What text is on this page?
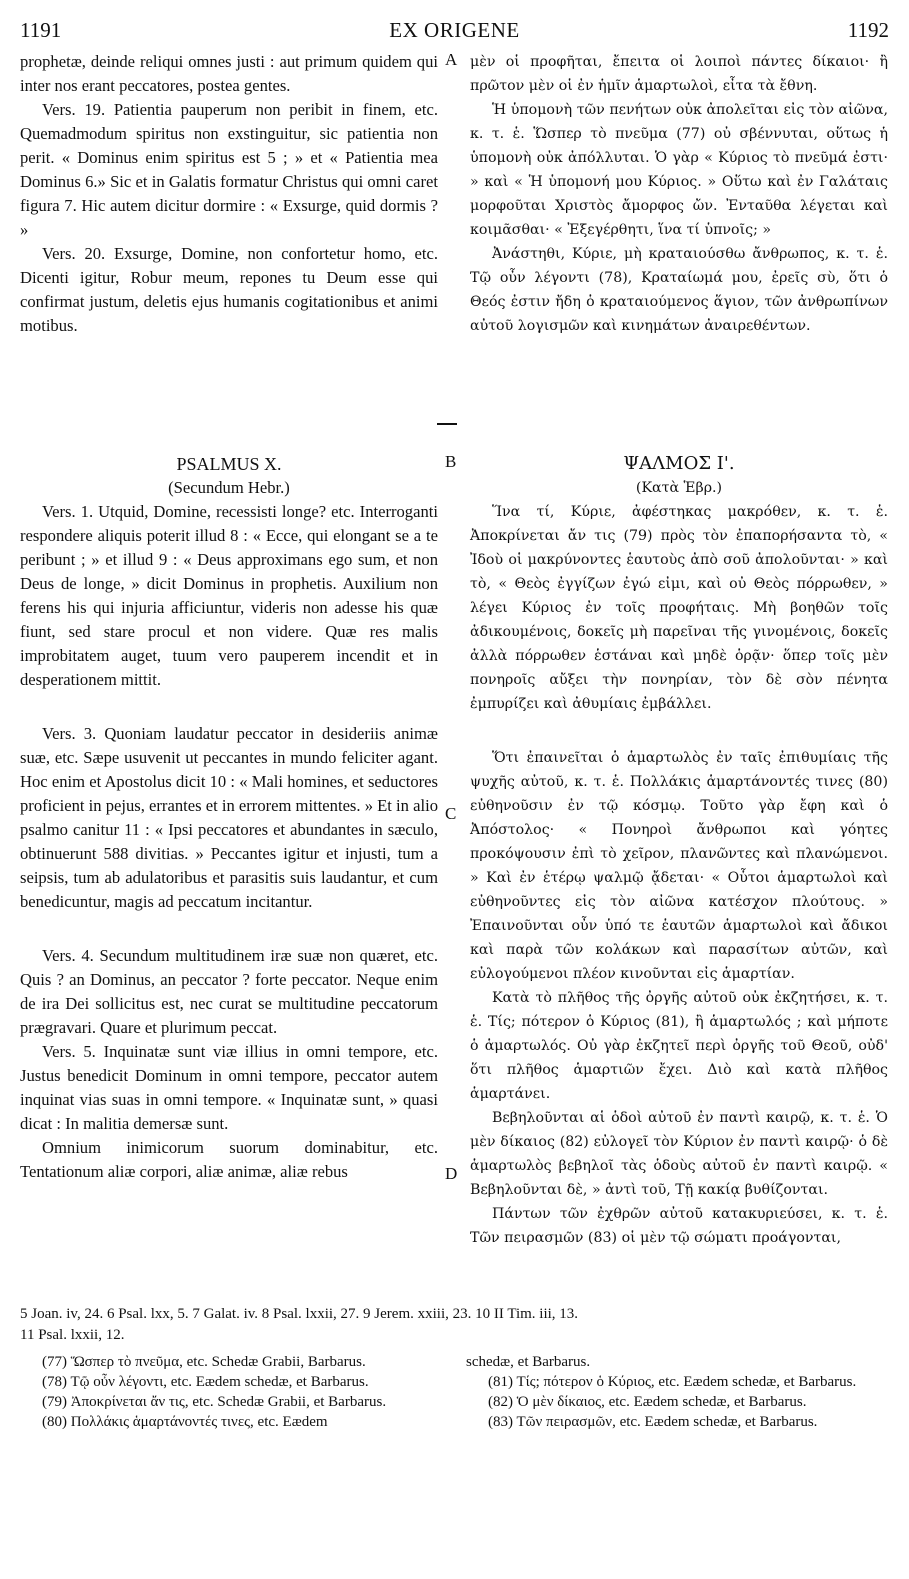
1191	EX ORIGENE	1192
A
B
C
D

prophetæ, deinde reliqui omnes justi : aut primum quidem qui inter nos erant peccatores, postea gentes.

Vers. 19. Patientia pauperum non peribit in finem, etc. Quemadmodum spiritus non exstinguitur, sic patientia non perit. « Dominus enim spiritus est 5 ; » et « Patientia mea Dominus 6.» Sic et in Galatis formatur Christus qui omni caret figura 7. Hic autem dicitur dormire : « Exsurge, quid dormis ? »

Vers. 20. Exsurge, Domine, non confortetur homo, etc. Dicenti igitur, Robur meum, repones tu Deum esse qui confirmat justum, deletis ejus humanis cogitationibus et animi motibus.

μὲν οἱ προφῆται, ἔπειτα οἱ λοιποὶ πάντες δίκαιοι· ἢ πρῶτον μὲν οἱ ἐν ἡμῖν ἁμαρτωλοὶ, εἶτα τὰ ἔθνη.

Ἡ ὑπομονὴ τῶν πενήτων οὐκ ἀπολεῖται εἰς τὸν αἰῶνα, κ. τ. ἑ. Ὥσπερ τὸ πνεῦμα (77) οὐ σβέννυται, οὕτως ἡ ὑπομονὴ οὐκ ἀπόλλυται. Ὁ γὰρ « Κύριος τὸ πνεῦμά ἐστι· » καὶ « Ἡ ὑπομονή μου Κύριος. » Οὕτω καὶ ἐν Γαλάταις μορφοῦται Χριστὸς ἄμορφος ὤν. Ἐνταῦθα λέγεται καὶ κοιμᾶσθαι· « Ἐξεγέρθητι, ἵνα τί ὑπνοῖς; »

Ἀνάστηθι, Κύριε, μὴ κραταιούσθω ἄνθρωπος, κ. τ. ἑ. Τῷ οὖν λέγοντι (78), Κραταίωμά μου, ἐρεῖς σὺ, ὅτι ὁ Θεός ἐστιν ἤδη ὁ κραταιούμενος ἅγιον, τῶν ἀνθρωπίνων αὐτοῦ λογισμῶν καὶ κινημάτων ἀναιρεθέντων.

PSALMUS X.

(Secundum Hebr.)

Vers. 1. Utquid, Domine, recessisti longe? etc. Interroganti respondere aliquis poterit illud 8 : « Ecce, qui elongant se a te peribunt ; » et illud 9 : « Deus approximans ego sum, et non Deus de longe, » dicit Dominus in prophetis. Auxilium non ferens his qui injuria afficiuntur, videris non adesse his quæ fiunt, sed stare procul et non videre. Quæ res malis improbitatem auget, tuum vero pauperem incendit et in desperationem mittit.

Vers. 3. Quoniam laudatur peccator in desideriis animæ suæ, etc. Sæpe usuvenit ut peccantes in mundo feliciter agant. Hoc enim et Apostolus dicit 10 : « Mali homines, et seductores proficient in pejus, errantes et in errorem mittentes. » Et in alio psalmo canitur 11 : « Ipsi peccatores et abundantes in sæculo, obtinuerunt 588 divitias. » Peccantes igitur et injusti, tum a seipsis, tum ab adulatoribus et parasitis suis laudantur, et cum benedicuntur, magis ad peccatum incitantur.

Vers. 4. Secundum multitudinem iræ suæ non quæret, etc. Quis ? an Dominus, an peccator ? forte peccator. Neque enim de ira Dei sollicitus est, nec curat se multitudine peccatorum prægravari. Quare et plurimum peccat.

Vers. 5. Inquinatæ sunt viæ illius in omni tempore, etc. Justus benedicit Dominum in omni tempore, peccator autem inquinat vias suas in omni tempore. « Inquinatæ sunt, » quasi dicat : In malitia demersæ sunt.

Omnium inimicorum suorum dominabitur, etc. Tentationum aliæ corpori, aliæ animæ, aliæ rebus

ΨΑΛΜΟΣ Ι'.

(Κατὰ Ἑβρ.)

Ἵνα τί, Κύριε, ἀφέστηκας μακρόθεν, κ. τ. ἑ. Ἀποκρίνεται ἄν τις (79) πρὸς τὸν ἐπαπορήσαντα τὸ, « Ἰδοὺ οἱ μακρύνοντες ἑαυτοὺς ἀπὸ σοῦ ἀπολοῦνται· » καὶ τὸ, « Θεὸς ἐγγίζων ἐγώ εἰμι, καὶ οὐ Θεὸς πόρρωθεν, » λέγει Κύριος ἐν τοῖς προφήταις. Μὴ βοηθῶν τοῖς ἀδικουμένοις, δοκεῖς μὴ παρεῖναι τῆς γινομένοις, δοκεῖς ἀλλὰ πόρρωθεν ἑστάναι καὶ μηδὲ ὁρᾷν· ὅπερ τοῖς μὲν πονηροῖς αὔξει τὴν πονηρίαν, τὸν δὲ σὸν πένητα ἐμπυρίζει καὶ ἀθυμίαις ἐμβάλλει.

Ὅτι ἐπαινεῖται ὁ ἁμαρτωλὸς ἐν ταῖς ἐπιθυμίαις τῆς ψυχῆς αὐτοῦ, κ. τ. ἑ. Πολλάκις ἁμαρτάνοντές τινες (80) εὐθηνοῦσιν ἐν τῷ κόσμῳ. Τοῦτο γὰρ ἔφη καὶ ὁ Ἀπόστολος· « Πονηροὶ ἄνθρωποι καὶ γόητες προκόψουσιν ἐπὶ τὸ χεῖρον, πλανῶντες καὶ πλανώμενοι. » Καὶ ἐν ἑτέρῳ ψαλμῷ ᾄδεται· « Οὗτοι ἁμαρτωλοὶ καὶ εὐθηνοῦντες εἰς τὸν αἰῶνα κατέσχον πλούτους. » Ἐπαινοῦνται οὖν ὑπό τε ἑαυτῶν ἁμαρτωλοὶ καὶ ἄδικοι καὶ παρὰ τῶν κολάκων καὶ παρασίτων αὐτῶν, καὶ εὐλογούμενοι πλέον κινοῦνται εἰς ἁμαρτίαν.

Κατὰ τὸ πλῆθος τῆς ὀργῆς αὐτοῦ οὐκ ἐκζητήσει, κ. τ. ἑ. Τίς; πότερον ὁ Κύριος (81), ἢ ἁμαρτωλός ; καὶ μήποτε ὁ ἁμαρτωλός. Οὐ γὰρ ἐκζητεῖ περὶ ὀργῆς τοῦ Θεοῦ, οὐδ' ὅτι πλῆθος ἁμαρτιῶν ἔχει. Διὸ καὶ κατὰ πλῆθος ἁμαρτάνει.

Βεβηλοῦνται αἱ ὁδοὶ αὐτοῦ ἐν παντὶ καιρῷ, κ. τ. ἑ. Ὁ μὲν δίκαιος (82) εὐλογεῖ τὸν Κύριον ἐν παντὶ καιρῷ· ὁ δὲ ἁμαρτωλὸς βεβηλοῖ τὰς ὁδοὺς αὐτοῦ ἐν παντὶ καιρῷ. « Βεβηλοῦνται δὲ, » ἀντὶ τοῦ, Τῇ κακίᾳ βυθίζονται.

Πάντων τῶν ἐχθρῶν αὐτοῦ κατακυριεύσει, κ. τ. ἑ. Τῶν πειρασμῶν (83) οἱ μὲν τῷ σώματι προάγονται,

5 Joan. iv, 24. 6 Psal. lxx, 5. 7 Galat. iv. 8 Psal. lxxii, 27. 9 Jerem. xxiii, 23. 10 II Tim. iii, 13.
11 Psal. lxxii, 12.

(77) Ὥσπερ τὸ πνεῦμα, etc. Schedæ Grabii, Barbarus.

(78) Τῷ οὖν λέγοντι, etc. Eædem schedæ, et Barbarus.

(79) Ἀποκρίνεται ἄν τις, etc. Schedæ Grabii, et Barbarus.

(80) Πολλάκις ἁμαρτάνοντές τινες, etc. Eædem

schedæ, et Barbarus.

(81) Τίς; πότερον ὁ Κύριος, etc. Eædem schedæ, et Barbarus.

(82) Ὁ μὲν δίκαιος, etc. Eædem schedæ, et Barbarus.

(83) Τῶν πειρασμῶν, etc. Eædem schedæ, et Barbarus.
